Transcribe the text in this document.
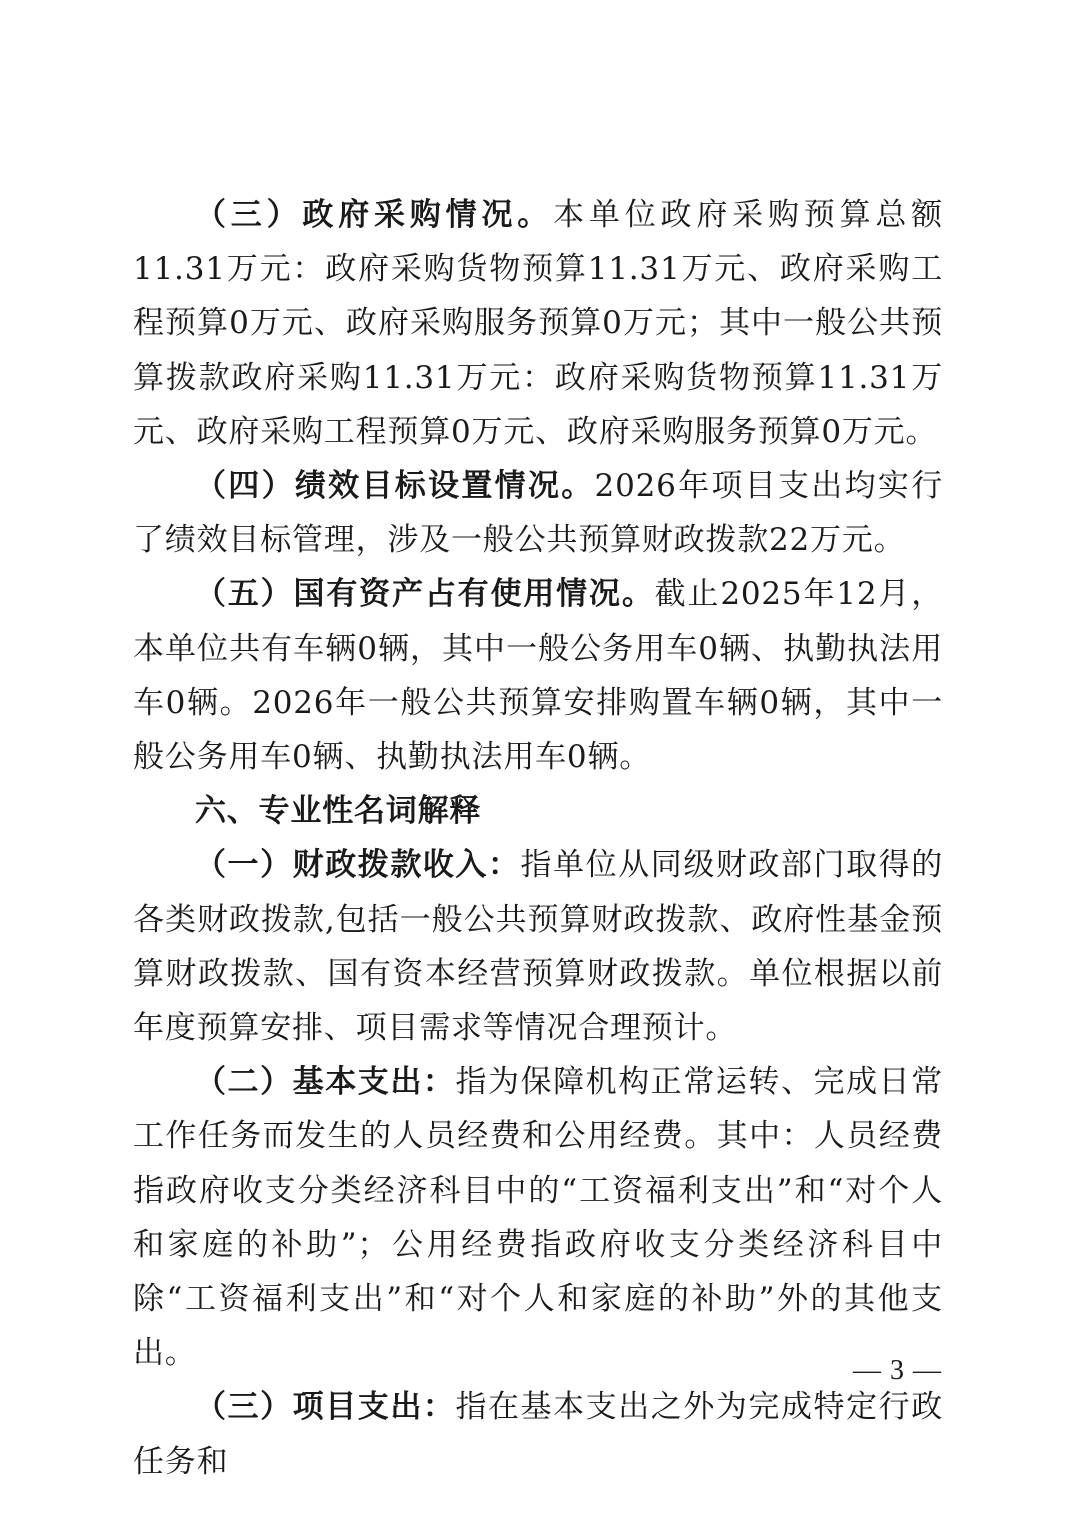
（三）政府采购情况。本单位政府采购预算总额11.31万元：政府采购货物预算11.31万元、政府采购工程预算0万元、政府采购服务预算0万元；其中一般公共预算拨款政府采购11.31万元：政府采购货物预算11.31万元、政府采购工程预算0万元、政府采购服务预算0万元。

（四）绩效目标设置情况。2026年项目支出均实行了绩效目标管理，涉及一般公共预算财政拨款22万元。

（五）国有资产占有使用情况。截止2025年12月，本单位共有车辆0辆，其中一般公务用车0辆、执勤执法用车0辆。2026年一般公共预算安排购置车辆0辆，其中一般公务用车0辆、执勤执法用车0辆。

六、专业性名词解释

（一）财政拨款收入：指单位从同级财政部门取得的各类财政拨款,包括一般公共预算财政拨款、政府性基金预算财政拨款、国有资本经营预算财政拨款。单位根据以前年度预算安排、项目需求等情况合理预计。

（二）基本支出：指为保障机构正常运转、完成日常工作任务而发生的人员经费和公用经费。其中：人员经费指政府收支分类经济科目中的“工资福利支出”和“对个人和家庭的补助”；公用经费指政府收支分类经济科目中除“工资福利支出”和“对个人和家庭的补助”外的其他支出。

（三）项目支出：指在基本支出之外为完成特定行政任务和

— 3 —
